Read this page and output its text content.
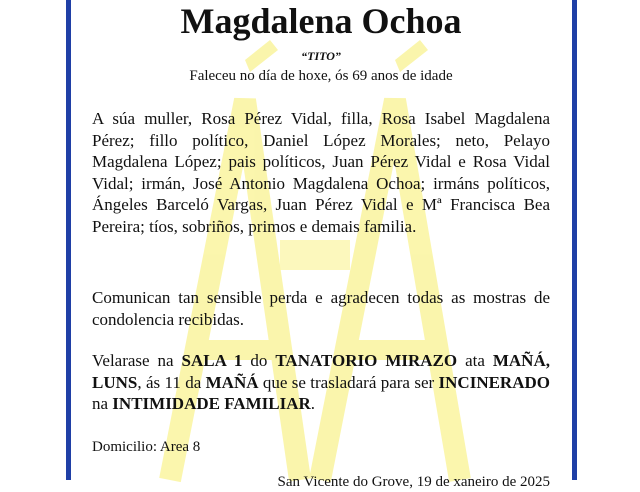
Magdalena Ochoa
“TITO”
Faleceu no día de hoxe, ós 69 anos de idade
A súa muller, Rosa Pérez Vidal, filla, Rosa Isabel Magdalena Pérez; fillo político, Daniel López Morales; neto, Pelayo Magdalena López; pais políticos, Juan Pérez Vidal e Rosa Vidal Vidal; irmán, José Antonio Magdalena Ochoa; irmáns políticos, Ángeles Barceló Vargas, Juan Pérez Vidal e Mª Francisca Bea Pereira; tíos, sobriños, primos e demais familia.
Comunican tan sensible perda e agradecen todas as mostras de condolencia recibidas.
Velarase na SALA 1 do TANATORIO MIRAZO ata MAÑÁ, LUNS, ás 11 da MAÑÁ que se trasladará para ser INCINERADO na INTIMIDADE FAMILIAR.
Domicilio: Area 8
San Vicente do Grove, 19 de xaneiro de 2025
